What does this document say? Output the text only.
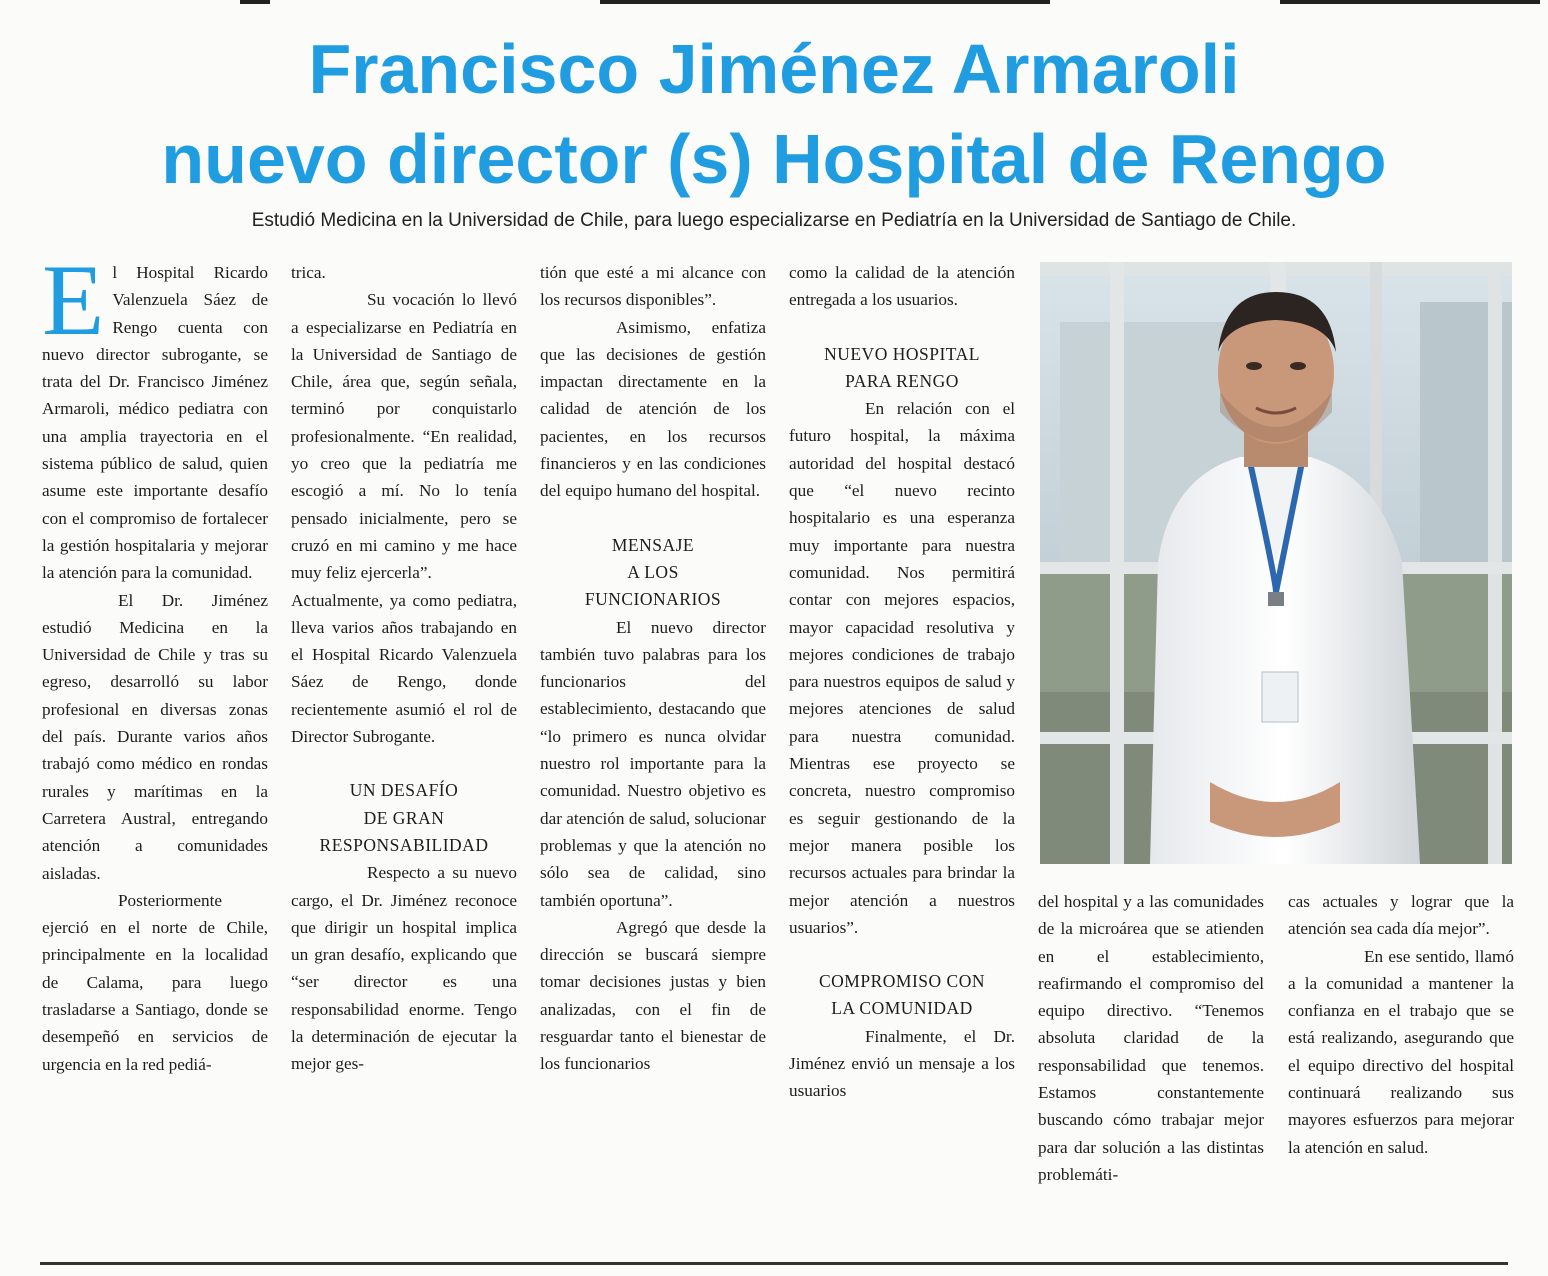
Francisco Jiménez Armaroli
nuevo director (s) Hospital de Rengo
Estudió Medicina en la Universidad de Chile, para luego especializarse en Pediatría en la Universidad de Santiago de Chile.
E l Hospital Ricardo Valenzuela Sáez de Rengo cuenta con nuevo director subrogante, se trata del Dr. Francisco Jiménez Armaroli, médico pediatra con una amplia trayectoria en el sistema público de salud, quien asume este importante desafío con el compromiso de fortalecer la gestión hospitalaria y mejorar la atención para la comunidad.

El Dr. Jiménez estudió Medicina en la Universidad de Chile y tras su egreso, desarrolló su labor profesional en diversas zonas del país. Durante varios años trabajó como médico en rondas rurales y marítimas en la Carretera Austral, entregando atención a comunidades aisladas.

Posteriormente ejerció en el norte de Chile, principalmente en la localidad de Calama, para luego trasladarse a Santiago, donde se desempeñó en servicios de urgencia en la red pediá-

trica.

Su vocación lo llevó a especializarse en Pediatría en la Universidad de Santiago de Chile, área que, según señala, terminó por conquistarlo profesionalmente. “En realidad, yo creo que la pediatría me escogió a mí. No lo tenía pensado inicialmente, pero se cruzó en mi camino y me hace muy feliz ejercerla”.

Actualmente, ya como pediatra, lleva varios años trabajando en el Hospital Ricardo Valenzuela Sáez de Rengo, donde recientemente asumió el rol de Director Subrogante.

UN DESAFÍO
DE GRAN
RESPONSABILIDAD

Respecto a su nuevo cargo, el Dr. Jiménez reconoce que dirigir un hospital implica un gran desafío, explicando que “ser director es una responsabilidad enorme. Tengo la determinación de ejecutar la mejor ges-

tión que esté a mi alcance con los recursos disponibles”.

Asimismo, enfatiza que las decisiones de gestión impactan directamente en la calidad de atención de los pacientes, en los recursos financieros y en las condiciones del equipo humano del hospital.

MENSAJE
A LOS
FUNCIONARIOS

El nuevo director también tuvo palabras para los funcionarios del establecimiento, destacando que “lo primero es nunca olvidar nuestro rol importante para la comunidad. Nuestro objetivo es dar atención de salud, solucionar problemas y que la atención no sólo sea de calidad, sino también oportuna”.

Agregó que desde la dirección se buscará siempre tomar decisiones justas y bien analizadas, con el fin de resguardar tanto el bienestar de los funcionarios

como la calidad de la atención entregada a los usuarios.

NUEVO HOSPITAL
PARA RENGO

En relación con el futuro hospital, la máxima autoridad del hospital destacó que “el nuevo recinto hospitalario es una esperanza muy importante para nuestra comunidad. Nos permitirá contar con mejores espacios, mayor capacidad resolutiva y mejores condiciones de trabajo para nuestros equipos de salud y mejores atenciones de salud para nuestra comunidad. Mientras ese proyecto se concreta, nuestro compromiso es seguir gestionando de la mejor manera posible los recursos actuales para brindar la mejor atención a nuestros usuarios”.

COMPROMISO CON
LA COMUNIDAD

Finalmente, el Dr. Jiménez envió un mensaje a los usuarios

del hospital y a las comunidades de la microárea que se atienden en el establecimiento, reafirmando el compromiso del equipo directivo. “Tenemos absoluta claridad de la responsabilidad que tenemos. Estamos constantemente buscando cómo trabajar mejor para dar solución a las distintas problemáti-

cas actuales y lograr que la atención sea cada día mejor”.

En ese sentido, llamó a la comunidad a mantener la confianza en el trabajo que se está realizando, asegurando que el equipo directivo del hospital continuará realizando sus mayores esfuerzos para mejorar la atención en salud.
